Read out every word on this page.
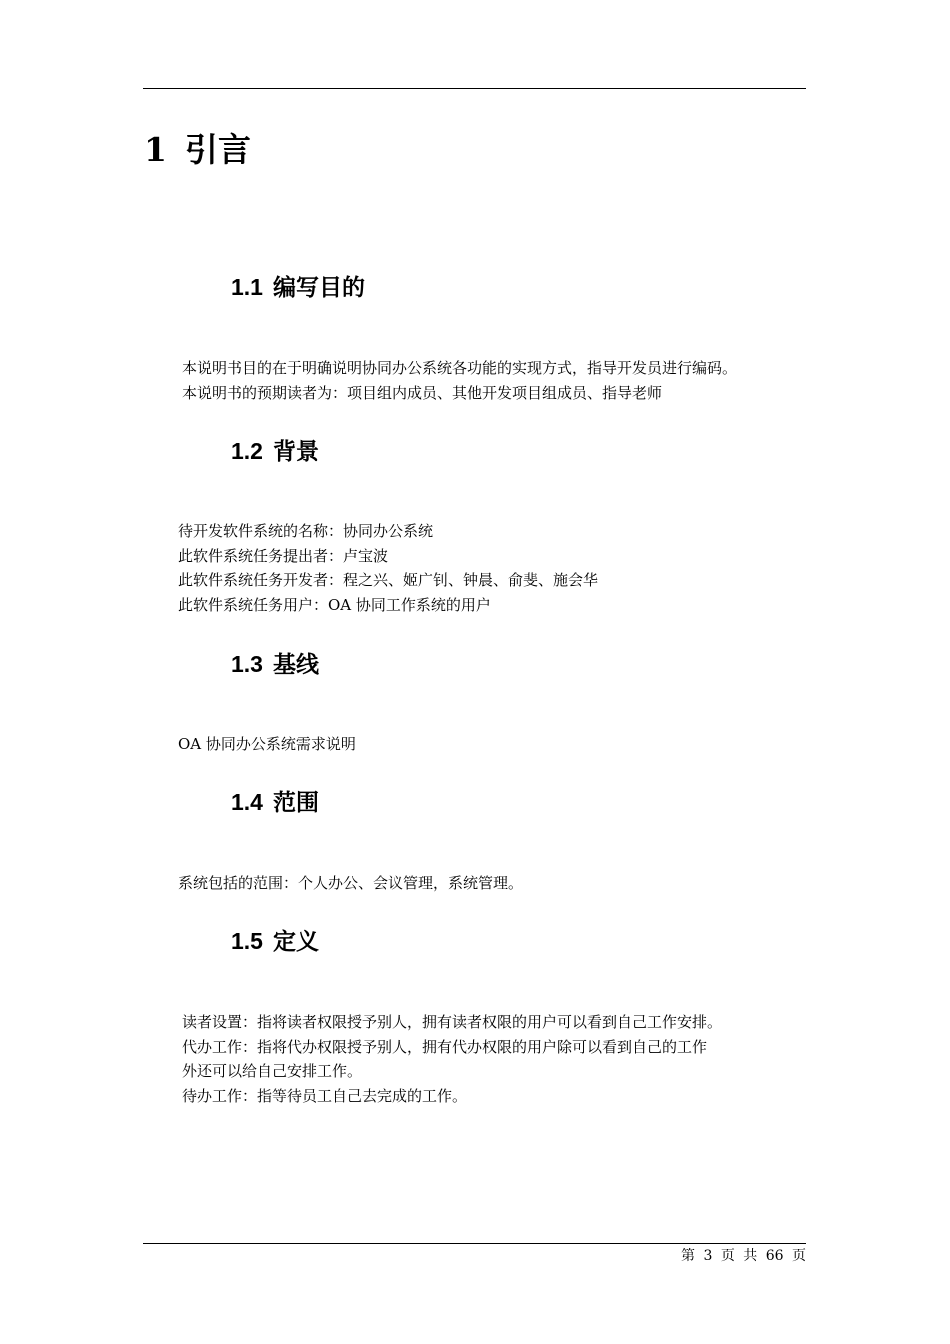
1 引言
1.1 编写目的
本说明书目的在于明确说明协同办公系统各功能的实现方式，指导开发员进行编码。
本说明书的预期读者为：项目组内成员、其他开发项目组成员、指导老师
1.2 背景
待开发软件系统的名称：协同办公系统
此软件系统任务提出者：卢宝波
此软件系统任务开发者：程之兴、姬广钊、钟晨、俞斐、施会华
此软件系统任务用户：OA 协同工作系统的用户
1.3 基线
OA 协同办公系统需求说明
1.4 范围
系统包括的范围：个人办公、会议管理，系统管理。
1.5 定义
读者设置：指将读者权限授予别人，拥有读者权限的用户可以看到自己工作安排。
代办工作：指将代办权限授予别人，拥有代办权限的用户除可以看到自己的工作
外还可以给自己安排工作。
待办工作：指等待员工自己去完成的工作。
第 3 页 共 66 页
